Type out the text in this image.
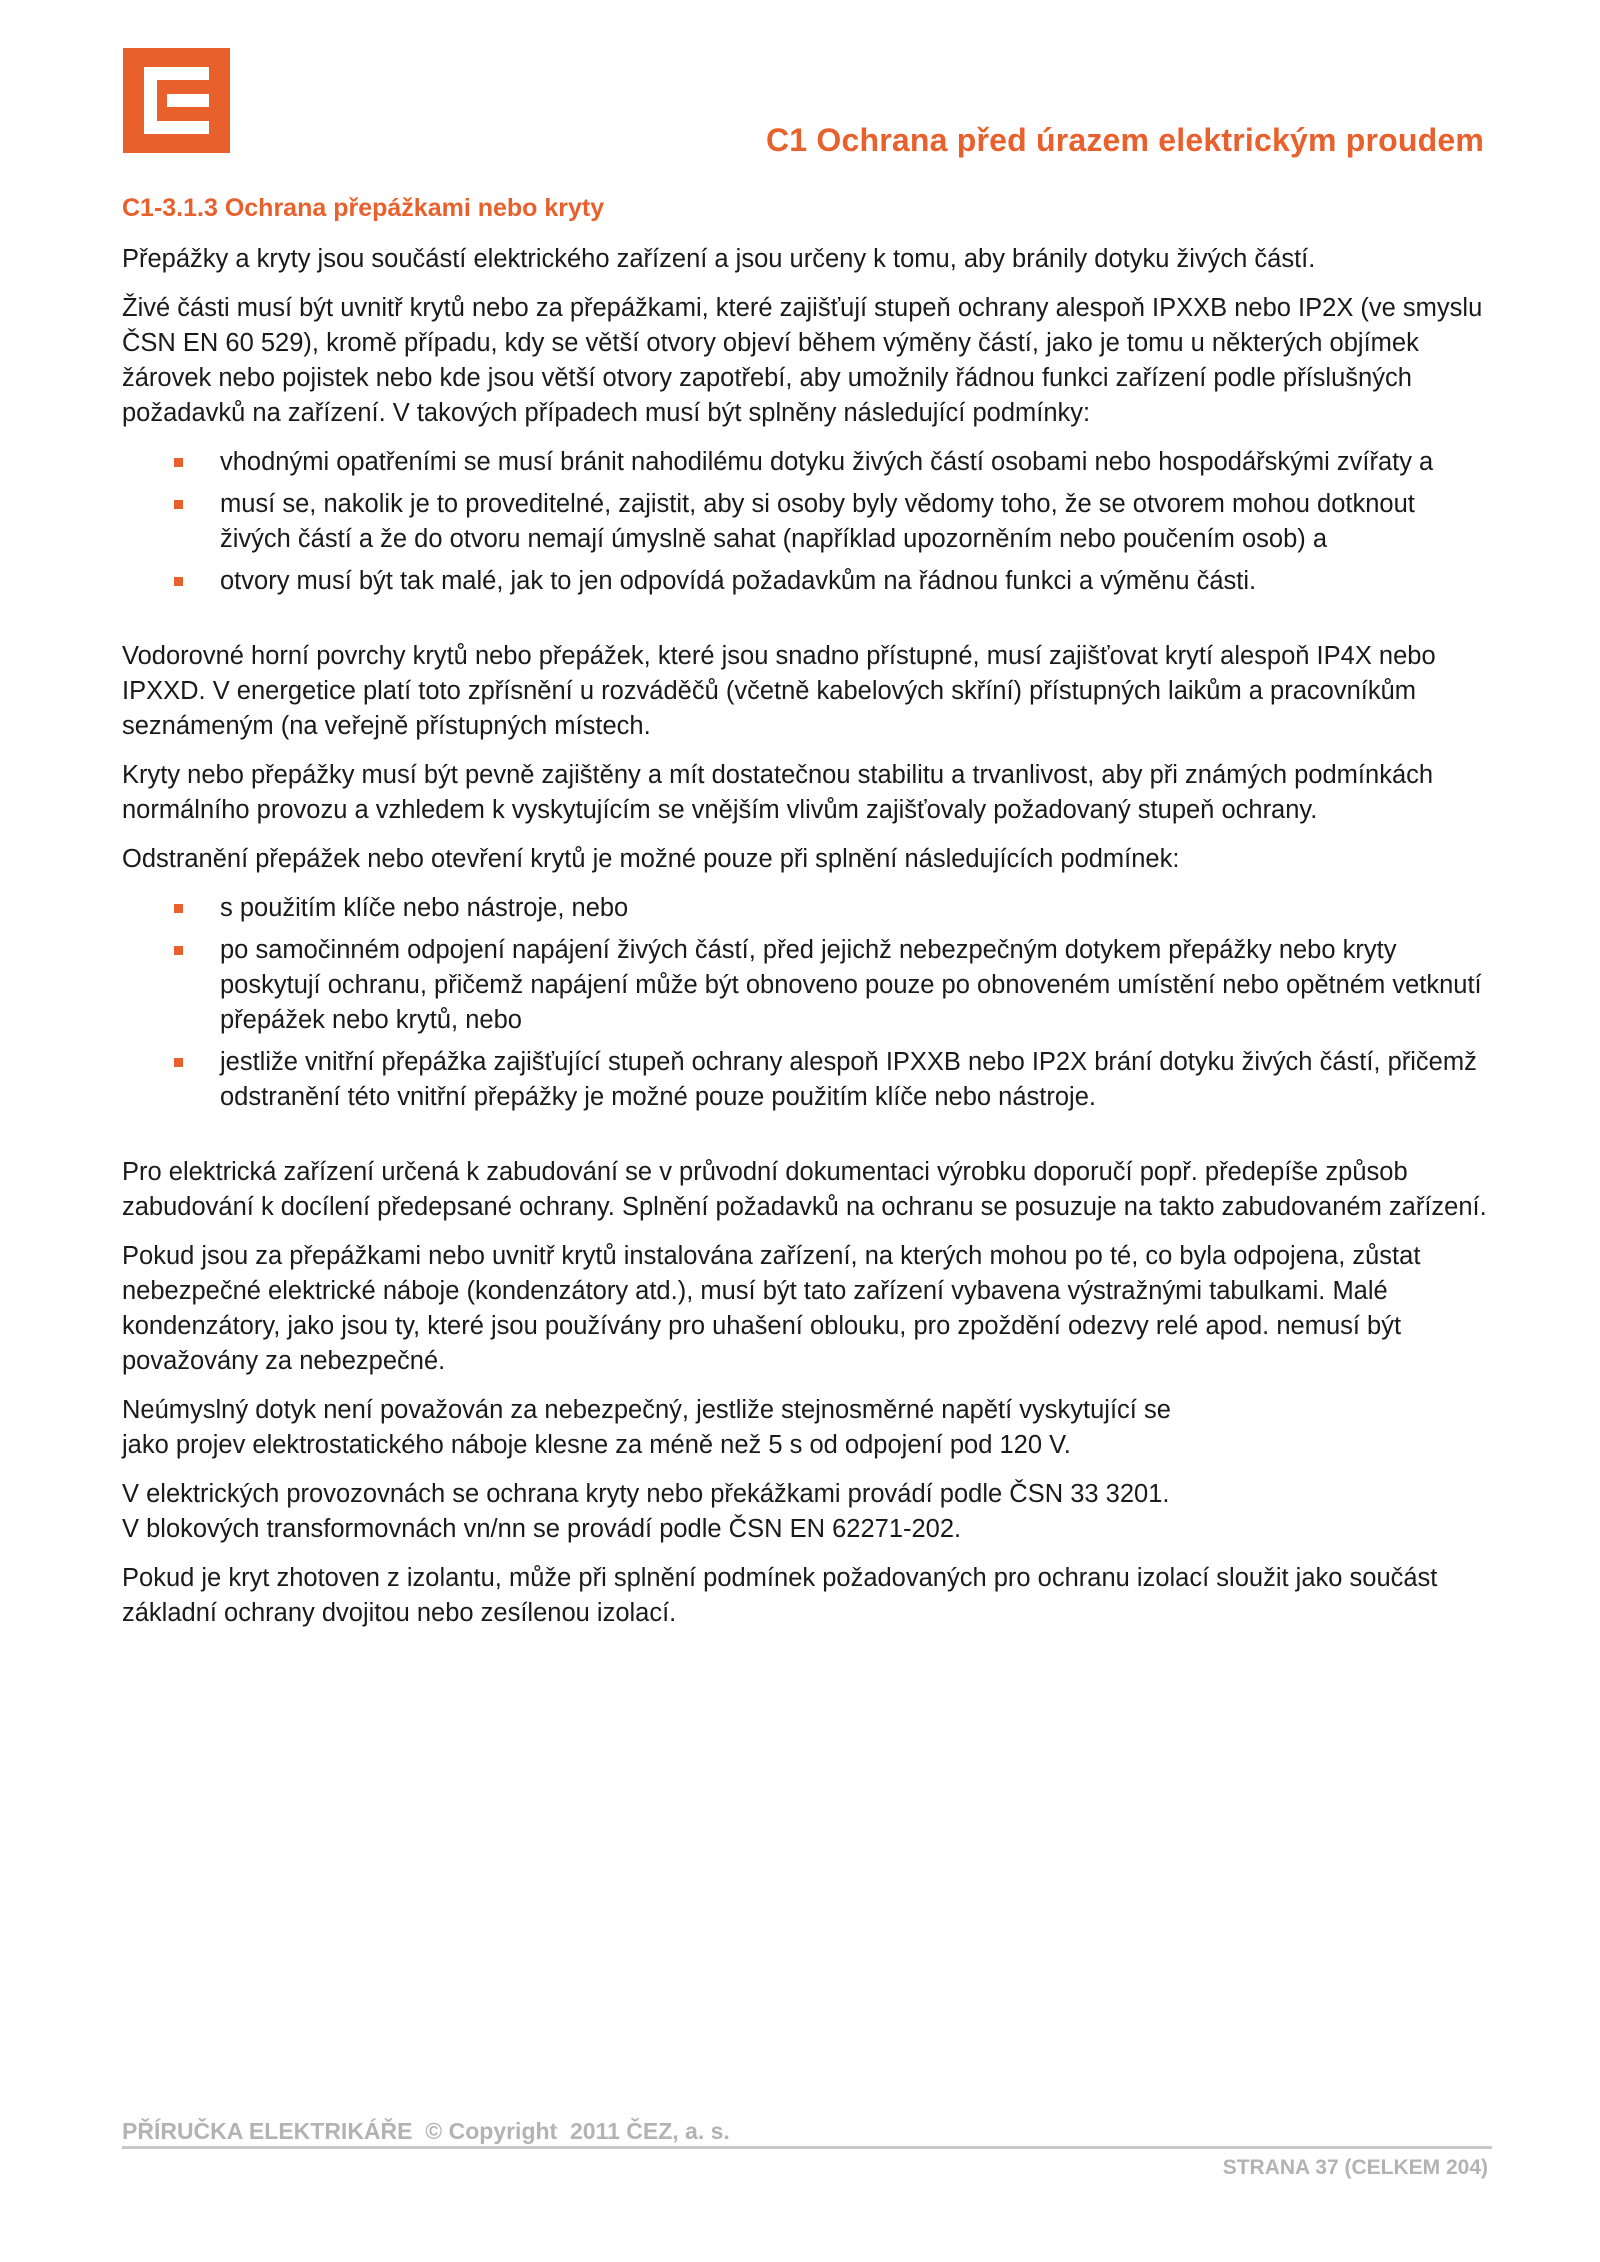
C1 Ochrana před úrazem elektrickým proudem
C1-3.1.3 Ochrana přepážkami nebo kryty

Přepážky a kryty jsou součástí elektrického zařízení a jsou určeny k tomu, aby bránily dotyku živých částí.

Živé části musí být uvnitř krytů nebo za přepážkami, které zajišťují stupeň ochrany alespoň IPXXB nebo IP2X (ve smyslu ČSN EN 60 529), kromě případu, kdy se větší otvory objeví během výměny částí, jako je tomu u některých objímek žárovek nebo pojistek nebo kde jsou větší otvory zapotřebí, aby umožnily řádnou funkci zařízení podle příslušných požadavků na zařízení. V takových případech musí být splněny následující podmínky:

vhodnými opatřeními se musí bránit nahodilému dotyku živých částí osobami nebo hospodářskými zvířaty a
musí se, nakolik je to proveditelné, zajistit, aby si osoby byly vědomy toho, že se otvorem mohou dotknout živých částí a že do otvoru nemají úmyslně sahat (například upozorněním nebo poučením osob) a
otvory musí být tak malé, jak to jen odpovídá požadavkům na řádnou funkci a výměnu části.

Vodorovné horní povrchy krytů nebo přepážek, které jsou snadno přístupné, musí zajišťovat krytí alespoň IP4X nebo IPXXD. V energetice platí toto zpřísnění u rozváděčů (včetně kabelových skříní) přístupných laikům a pracovníkům seznámeným (na veřejně přístupných místech.

Kryty nebo přepážky musí být pevně zajištěny a mít dostatečnou stabilitu a trvanlivost, aby při známých podmínkách normálního provozu a vzhledem k vyskytujícím se vnějším vlivům zajišťovaly požadovaný stupeň ochrany.

Odstranění přepážek nebo otevření krytů je možné pouze při splnění následujících podmínek:

s použitím klíče nebo nástroje, nebo
po samočinném odpojení napájení živých částí, před jejichž nebezpečným dotykem přepážky nebo kryty poskytují ochranu, přičemž napájení může být obnoveno pouze po obnoveném umístění nebo opětném vetknutí přepážek nebo krytů, nebo
jestliže vnitřní přepážka zajišťující stupeň ochrany alespoň IPXXB nebo IP2X brání dotyku živých částí, přičemž odstranění této vnitřní přepážky je možné pouze použitím klíče nebo nástroje.

Pro elektrická zařízení určená k zabudování se v průvodní dokumentaci výrobku doporučí popř. předepíše způsob zabudování k docílení předepsané ochrany. Splnění požadavků na ochranu se posuzuje na takto zabudovaném zařízení.

Pokud jsou za přepážkami nebo uvnitř krytů instalována zařízení, na kterých mohou po té, co byla odpojena, zůstat nebezpečné elektrické náboje (kondenzátory atd.), musí být tato zařízení vybavena výstražnými tabulkami. Malé kondenzátory, jako jsou ty, které jsou používány pro uhašení oblouku, pro zpoždění odezvy relé apod. nemusí být považovány za nebezpečné.

Neúmyslný dotyk není považován za nebezpečný, jestliže stejnosměrné napětí vyskytující se
jako projev elektrostatického náboje klesne za méně než 5 s od odpojení pod 120 V.

V elektrických provozovnách se ochrana kryty nebo překážkami provádí podle ČSN 33 3201.
V blokových transformovnách vn/nn se provádí podle ČSN EN 62271-202.

Pokud je kryt zhotoven z izolantu, může při splnění podmínek požadovaných pro ochranu izolací sloužit jako součást základní ochrany dvojitou nebo zesílenou izolací.

PŘÍRUČKA ELEKTRIKÁŘE  © Copyright  2011 ČEZ, a. s.
STRANA 37 (CELKEM 204)
